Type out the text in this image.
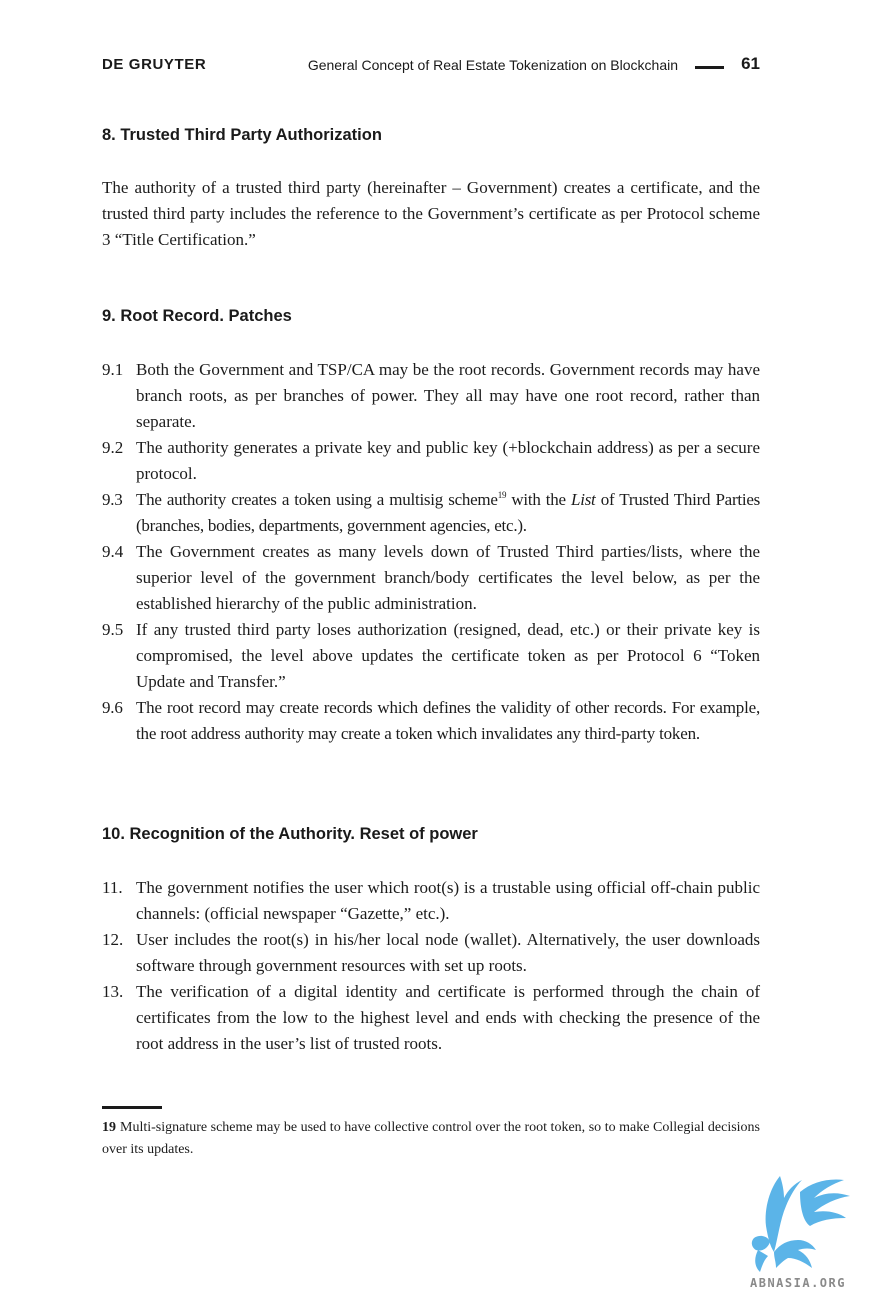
DE GRUYTER	General Concept of Real Estate Tokenization on Blockchain	61
8. Trusted Third Party Authorization

The authority of a trusted third party (hereinafter – Government) creates a certificate, and the trusted third party includes the reference to the Government’s certificate as per Protocol scheme 3 “Title Certification.”

9. Root Record. Patches
9.1 Both the Government and TSP/CA may be the root records. Government records may have branch roots, as per branches of power. They all may have one root record, rather than separate.
9.2 The authority generates a private key and public key (+blockchain address) as per a secure protocol.
9.3 The authority creates a token using a multisig scheme$^{19}$ with the List of Trusted Third Parties (branches, bodies, departments, government agencies, etc.).
9.4 The Government creates as many levels down of Trusted Third parties/lists, where the superior level of the government branch/body certificates the level below, as per the established hierarchy of the public administration.
9.5 If any trusted third party loses authorization (resigned, dead, etc.) or their private key is compromised, the level above updates the certificate token as per Protocol 6 “Token Update and Transfer.”
9.6 The root record may create records which defines the validity of other records. For example, the root address authority may create a token which invalidates any third-party token.
10. Recognition of the Authority. Reset of power
11. The government notifies the user which root(s) is a trustable using official off-chain public channels: (official newspaper “Gazette,” etc.).
12. User includes the root(s) in his/her local node (wallet). Alternatively, the user downloads software through government resources with set up roots.
13. The verification of a digital identity and certificate is performed through the chain of certificates from the low to the highest level and ends with checking the presence of the root address in the user’s list of trusted roots.

19 Multi-signature scheme may be used to have collective control over the root token, so to make Collegial decisions over its updates.

ABNASIA.ORG
